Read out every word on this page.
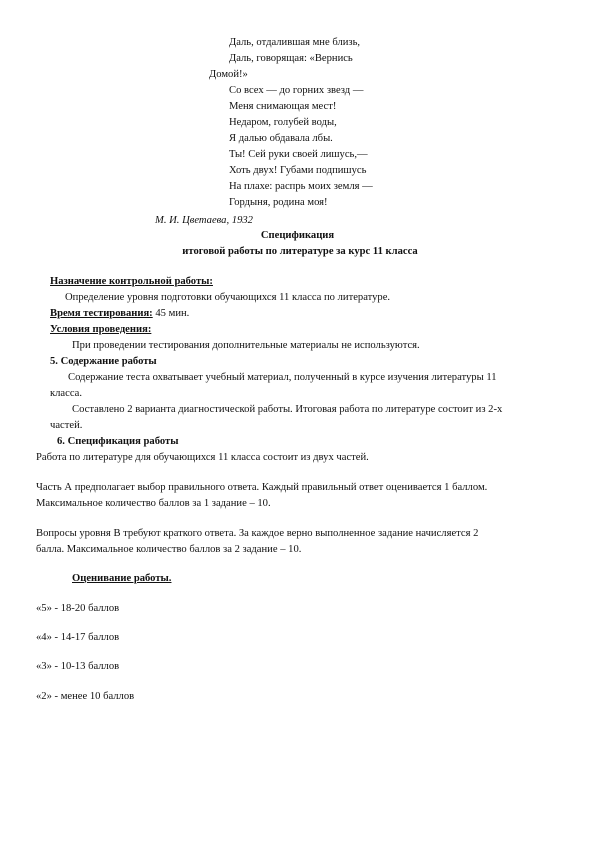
Даль, отдалившая мне близь,
Даль, говорящая: «Вернись
Домой!»
Со всех — до горних звезд —
Меня снимающая мест!
Недаром, голубей воды,
Я далью обдавала лбы.
Ты! Сей руки своей лишусь,—
Хоть двух! Губами подпишусь
На плахе: распрь моих земля —
Гордыня, родина моя!
М. И. Цветаева, 1932
Спецификация
итоговой работы по литературе за курс 11 класса
Назначение контрольной работы:
Определение уровня подготовки обучающихся 11 класса по литературе.
Время тестирования: 45 мин.
Условия проведения:
При проведении тестирования дополнительные материалы не используются.
5. Содержание работы
Содержание теста охватывает учебный материал, полученный в курсе изучения литературы 11
класса.
Составлено 2 варианта диагностической работы. Итоговая работа по литературе состоит из 2-х
частей.
6. Спецификация работы
Работа по литературе для обучающихся 11 класса состоит из двух частей.
Часть А предполагает выбор правильного ответа. Каждый правильный ответ оценивается 1 баллом.
Максимальное количество баллов за 1 задание – 10.
Вопросы уровня В требуют краткого ответа. За каждое верно выполненное задание начисляется 2
балла. Максимальное количество баллов за 2 задание – 10.
Оценивание работы.
«5» - 18-20 баллов
«4» - 14-17 баллов
«3» - 10-13 баллов
«2» - менее 10 баллов
